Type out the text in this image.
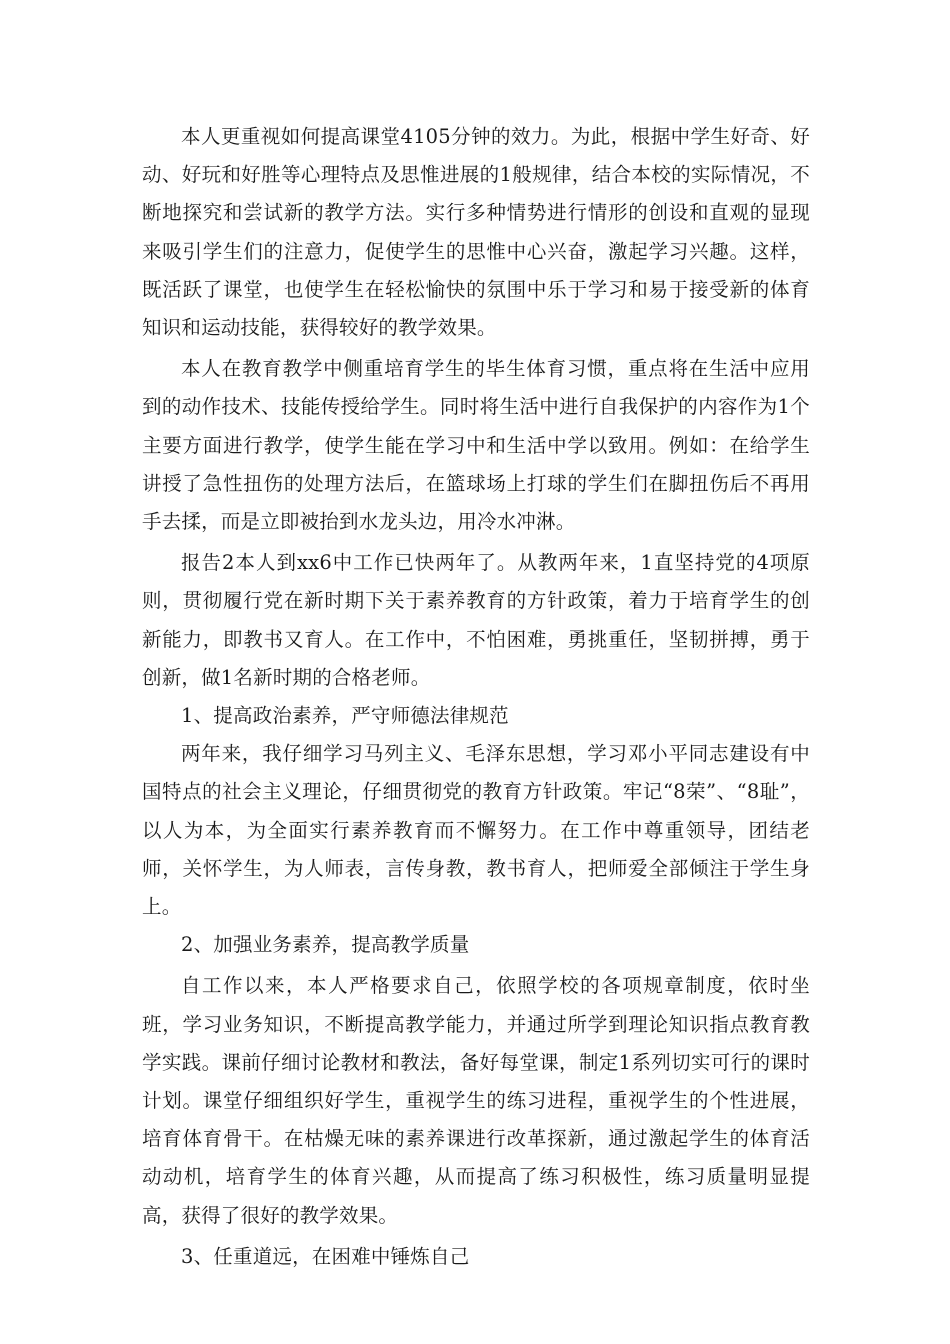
本人更重视如何提高课堂4105分钟的效力。为此，根据中学生好奇、好动、好玩和好胜等心理特点及思惟进展的1般规律，结合本校的实际情况，不断地探究和尝试新的教学方法。实行多种情势进行情形的创设和直观的显现来吸引学生们的注意力，促使学生的思惟中心兴奋，激起学习兴趣。这样，既活跃了课堂，也使学生在轻松愉快的氛围中乐于学习和易于接受新的体育知识和运动技能，获得较好的教学效果。

本人在教育教学中侧重培育学生的毕生体育习惯，重点将在生活中应用到的动作技术、技能传授给学生。同时将生活中进行自我保护的内容作为1个主要方面进行教学，使学生能在学习中和生活中学以致用。例如：在给学生讲授了急性扭伤的处理方法后，在篮球场上打球的学生们在脚扭伤后不再用手去揉，而是立即被抬到水龙头边，用冷水冲淋。

报告2本人到xx6中工作已快两年了。从教两年来，1直坚持党的4项原则，贯彻履行党在新时期下关于素养教育的方针政策，着力于培育学生的创新能力，即教书又育人。在工作中，不怕困难，勇挑重任，坚韧拼搏，勇于创新，做1名新时期的合格老师。

1、提高政治素养，严守师德法律规范

两年来，我仔细学习马列主义、毛泽东思想，学习邓小平同志建设有中国特点的社会主义理论，仔细贯彻党的教育方针政策。牢记“8荣”、“8耻”，以人为本，为全面实行素养教育而不懈努力。在工作中尊重领导，团结老师，关怀学生，为人师表，言传身教，教书育人，把师爱全部倾注于学生身上。

2、加强业务素养，提高教学质量

自工作以来，本人严格要求自己，依照学校的各项规章制度，依时坐班，学习业务知识，不断提高教学能力，并通过所学到理论知识指点教育教学实践。课前仔细讨论教材和教法，备好每堂课，制定1系列切实可行的课时计划。课堂仔细组织好学生，重视学生的练习进程，重视学生的个性进展，培育体育骨干。在枯燥无味的素养课进行改革探新，通过激起学生的体育活动动机，培育学生的体育兴趣，从而提高了练习积极性，练习质量明显提高，获得了很好的教学效果。

3、任重道远，在困难中锤炼自己
